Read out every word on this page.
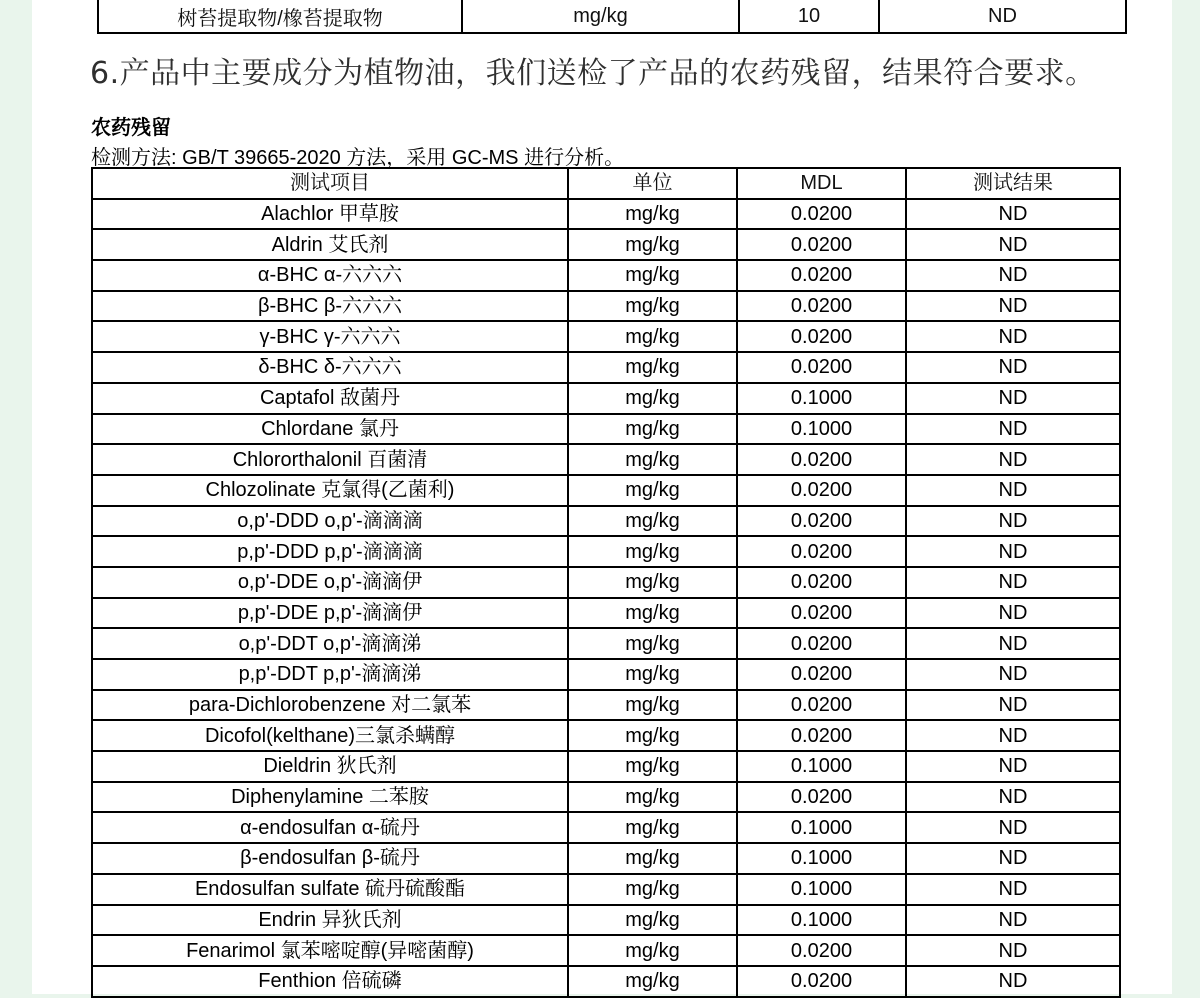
树苔提取物/橡苔提取物	mg/kg	10	ND
6.产品中主要成分为植物油，我们送检了产品的农药残留，结果符合要求。
农药残留
检测方法: GB/T 39665-2020 方法，采用 GC-MS 进行分析。
测试项目	单位	MDL	测试结果
Alachlor 甲草胺	mg/kg	0.0200	ND
Aldrin 艾氏剂	mg/kg	0.0200	ND
α-BHC α-六六六	mg/kg	0.0200	ND
β-BHC β-六六六	mg/kg	0.0200	ND
γ-BHC γ-六六六	mg/kg	0.0200	ND
δ-BHC δ-六六六	mg/kg	0.0200	ND
Captafol 敌菌丹	mg/kg	0.1000	ND
Chlordane 氯丹	mg/kg	0.1000	ND
Chlororthalonil 百菌清	mg/kg	0.0200	ND
Chlozolinate 克氯得(乙菌利)	mg/kg	0.0200	ND
o,p'-DDD o,p'-滴滴滴	mg/kg	0.0200	ND
p,p'-DDD p,p'-滴滴滴	mg/kg	0.0200	ND
o,p'-DDE o,p'-滴滴伊	mg/kg	0.0200	ND
p,p'-DDE p,p'-滴滴伊	mg/kg	0.0200	ND
o,p'-DDT o,p'-滴滴涕	mg/kg	0.0200	ND
p,p'-DDT p,p'-滴滴涕	mg/kg	0.0200	ND
para-Dichlorobenzene 对二氯苯	mg/kg	0.0200	ND
Dicofol(kelthane)三氯杀螨醇	mg/kg	0.0200	ND
Dieldrin 狄氏剂	mg/kg	0.1000	ND
Diphenylamine 二苯胺	mg/kg	0.0200	ND
α-endosulfan α-硫丹	mg/kg	0.1000	ND
β-endosulfan β-硫丹	mg/kg	0.1000	ND
Endosulfan sulfate 硫丹硫酸酯	mg/kg	0.1000	ND
Endrin 异狄氏剂	mg/kg	0.1000	ND
Fenarimol 氯苯嘧啶醇(异嘧菌醇)	mg/kg	0.0200	ND
Fenthion 倍硫磷	mg/kg	0.0200	ND
